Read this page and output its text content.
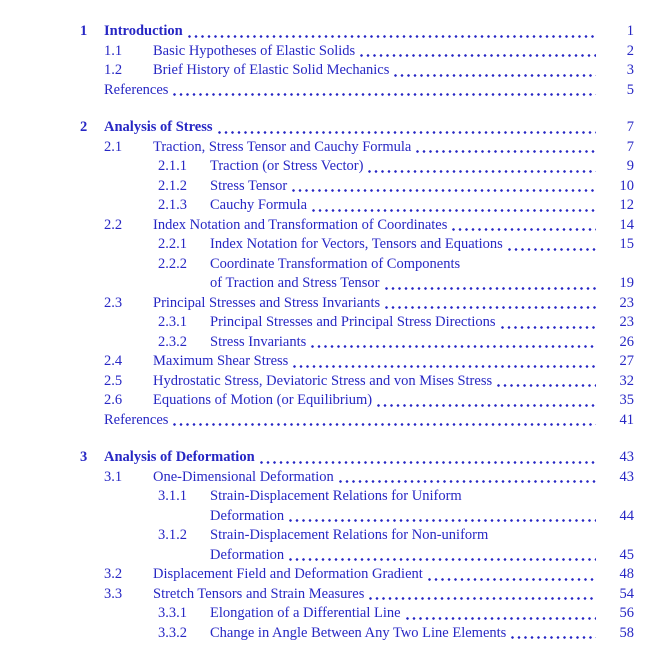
1	Introduction	1
1.1	Basic Hypotheses of Elastic Solids	2
1.2	Brief History of Elastic Solid Mechanics	3
References	5
2	Analysis of Stress	7
2.1	Traction, Stress Tensor and Cauchy Formula	7
2.1.1	Traction (or Stress Vector)	9
2.1.2	Stress Tensor	10
2.1.3	Cauchy Formula	12
2.2	Index Notation and Transformation of Coordinates	14
2.2.1	Index Notation for Vectors, Tensors and Equations	15
2.2.2	Coordinate Transformation of Components
of Traction and Stress Tensor	19
2.3	Principal Stresses and Stress Invariants	23
2.3.1	Principal Stresses and Principal Stress Directions	23
2.3.2	Stress Invariants	26
2.4	Maximum Shear Stress	27
2.5	Hydrostatic Stress, Deviatoric Stress and von Mises Stress	32
2.6	Equations of Motion (or Equilibrium)	35
References	41
3	Analysis of Deformation	43
3.1	One-Dimensional Deformation	43
3.1.1	Strain-Displacement Relations for Uniform
Deformation	44
3.1.2	Strain-Displacement Relations for Non-uniform
Deformation	45
3.2	Displacement Field and Deformation Gradient	48
3.3	Stretch Tensors and Strain Measures	54
3.3.1	Elongation of a Differential Line	56
3.3.2	Change in Angle Between Any Two Line Elements	58
